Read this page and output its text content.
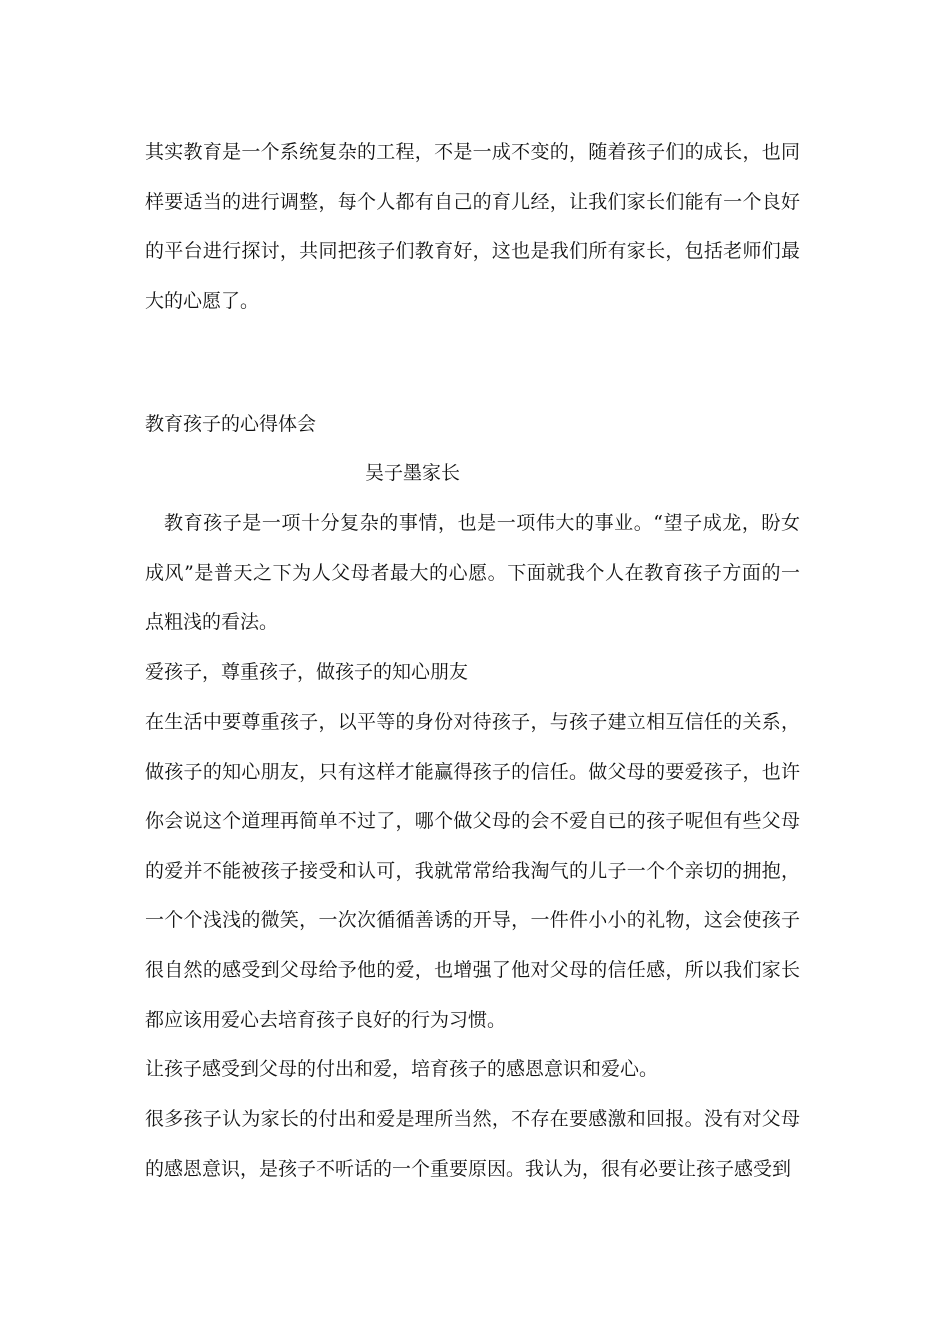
其实教育是一个系统复杂的工程，不是一成不变的，随着孩子们的成长，也同样要适当的进行调整，每个人都有自己的育儿经，让我们家长们能有一个良好的平台进行探讨，共同把孩子们教育好，这也是我们所有家长，包括老师们最大的心愿了。

教育孩子的心得体会

吴子墨家长

教育孩子是一项十分复杂的事情，也是一项伟大的事业。“望子成龙，盼女成风”是普天之下为人父母者最大的心愿。下面就我个人在教育孩子方面的一点粗浅的看法。

爱孩子，尊重孩子，做孩子的知心朋友

在生活中要尊重孩子，以平等的身份对待孩子，与孩子建立相互信任的关系，做孩子的知心朋友，只有这样才能赢得孩子的信任。做父母的要爱孩子，也许你会说这个道理再简单不过了，哪个做父母的会不爱自已的孩子呢但有些父母的爱并不能被孩子接受和认可，我就常常给我淘气的儿子一个个亲切的拥抱，一个个浅浅的微笑，一次次循循善诱的开导，一件件小小的礼物，这会使孩子很自然的感受到父母给予他的爱，也增强了他对父母的信任感，所以我们家长都应该用爱心去培育孩子良好的行为习惯。

让孩子感受到父母的付出和爱，培育孩子的感恩意识和爱心。

很多孩子认为家长的付出和爱是理所当然，不存在要感激和回报。没有对父母的感恩意识，是孩子不听话的一个重要原因。我认为，很有必要让孩子感受到
